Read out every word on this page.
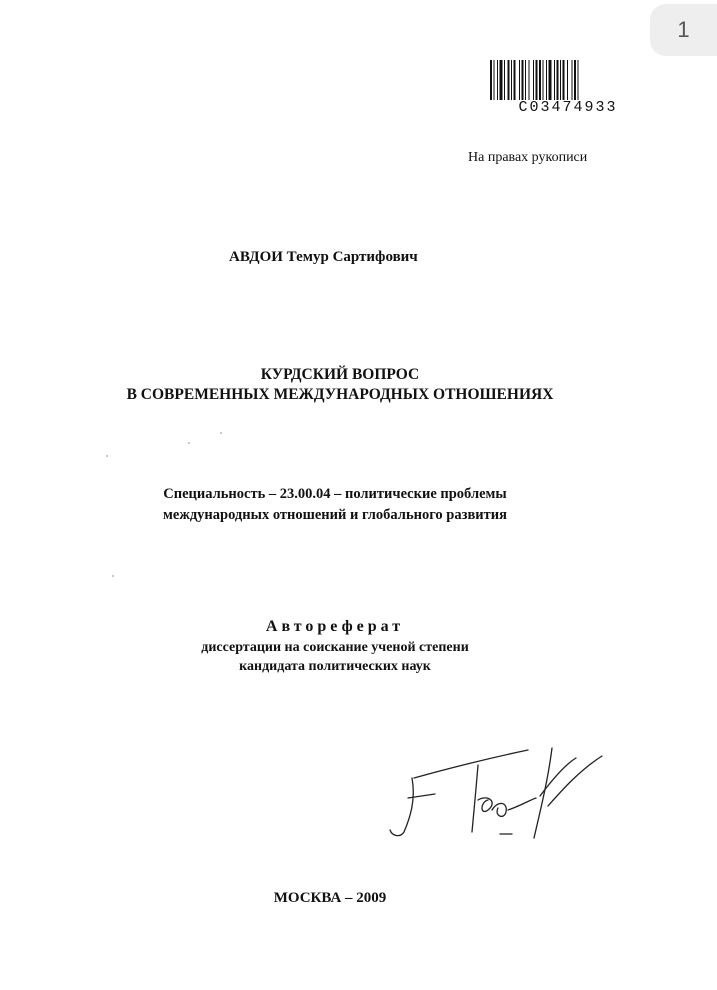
1
C03474933
На правах рукописи
АВДОИ Темур Сартифович
КУРДСКИЙ ВОПРОС
В СОВРЕМЕННЫХ МЕЖДУНАРОДНЫХ ОТНОШЕНИЯХ
Специальность – 23.00.04 – политические проблемы
международных отношений и глобального развития
Автореферат
диссертации на соискание ученой степени
кандидата политических наук
МОСКВА – 2009
